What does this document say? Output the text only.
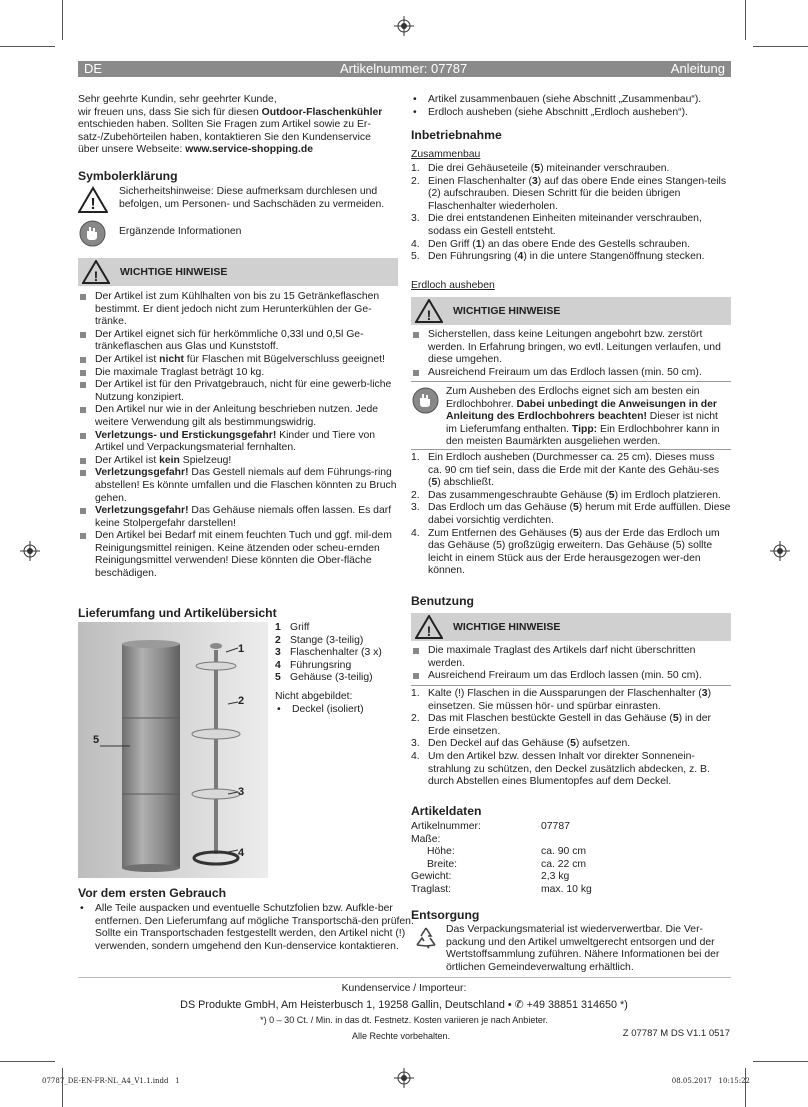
DE	Artikelnummer: 07787	Anleitung

Sehr geehrte Kundin, sehr geehrter Kunde,

wir freuen uns, dass Sie sich für diesen Outdoor-Flaschenkühler

entschieden haben. Sollten Sie Fragen zum Artikel sowie zu Er-

satz-/Zubehörteilen haben, kontaktieren Sie den Kundenservice

über unsere Webseite: www.service-shopping.de

Symbolerklärung
!

Sicherheitshinweise: Diese aufmerksam durchlesen und befolgen, um Personen- und Sachschäden zu vermeiden.

Ergänzende Informationen

! WICHTIGE HINWEISE
Der Artikel ist zum Kühlhalten von bis zu 15 Getränkeflaschen bestimmt. Er dient jedoch nicht zum Herunterkühlen der Ge-tränke.
Der Artikel eignet sich für herkömmliche 0,33l und 0,5l Ge-tränkeflaschen aus Glas und Kunststoff.
Der Artikel ist nicht für Flaschen mit Bügelverschluss geeignet!
Die maximale Traglast beträgt 10 kg.
Der Artikel ist für den Privatgebrauch, nicht für eine gewerb-liche Nutzung konzipiert.
Den Artikel nur wie in der Anleitung beschrieben nutzen. Jede weitere Verwendung gilt als bestimmungswidrig.
Verletzungs- und Erstickungsgefahr! Kinder und Tiere von Artikel und Verpackungsmaterial fernhalten.
Der Artikel ist kein Spielzeug!
Verletzungsgefahr! Das Gestell niemals auf dem Führungs-ring abstellen! Es könnte umfallen und die Flaschen könnten zu Bruch gehen.
Verletzungsgefahr! Das Gehäuse niemals offen lassen. Es darf keine Stolpergefahr darstellen!
Den Artikel bei Bedarf mit einem feuchten Tuch und ggf. mil-dem Reinigungsmittel reinigen. Keine ätzenden oder scheu-ernden Reinigungsmittel verwenden! Diese könnten die Ober-fläche beschädigen.
Lieferumfang und Artikelübersicht
1
2
3
4
5
1 Griff
2 Stange (3-teilig)
3 Flaschenhalter (3 x)
4 Führungsring
5 Gehäuse (3-teilig)
Nicht abgebildet:
• Deckel (isoliert)
Vor dem ersten Gebrauch
• Alle Teile auspacken und eventuelle Schutzfolien bzw. Aufkle-ber entfernen. Den Lieferumfang auf mögliche Transportschä-den prüfen. Sollte ein Transportschaden festgestellt werden, den Artikel nicht (!) verwenden, sondern umgehend den Kun-denservice kontaktieren.
• Artikel zusammenbauen (siehe Abschnitt „Zusammenbau“).
• Erdloch ausheben (siehe Abschnitt „Erdloch ausheben“).
Inbetriebnahme

Zusammenbau

1. Die drei Gehäuseteile (5) miteinander verschrauben.
2. Einen Flaschenhalter (3) auf das obere Ende eines Stangen-teils (2) aufschrauben. Diesen Schritt für die beiden übrigen Flaschenhalter wiederholen.
3. Die drei entstandenen Einheiten miteinander verschrauben, sodass ein Gestell entsteht.
4. Den Griff (1) an das obere Ende des Gestells schrauben.
5. Den Führungsring (4) in die untere Stangenöffnung stecken.

Erdloch ausheben

! WICHTIGE HINWEISE
Sicherstellen, dass keine Leitungen angebohrt bzw. zerstört werden. In Erfahrung bringen, wo evtl. Leitungen verlaufen, und diese umgehen.
Ausreichend Freiraum um das Erdloch lassen (min. 50 cm).

Zum Ausheben des Erdlochs eignet sich am besten ein Erdlochbohrer. Dabei unbedingt die Anweisungen in der Anleitung des Erdlochbohrers beachten! Dieser ist nicht im Lieferumfang enthalten. Tipp: Ein Erdlochbohrer kann in den meisten Baumärkten ausgeliehen werden.

1. Ein Erdloch ausheben (Durchmesser ca. 25 cm). Dieses muss ca. 90 cm tief sein, dass die Erde mit der Kante des Gehäu-ses (5) abschließt.
2. Das zusammengeschraubte Gehäuse (5) im Erdloch platzieren.
3. Das Erdloch um das Gehäuse (5) herum mit Erde auffüllen. Diese dabei vorsichtig verdichten.
4. Zum Entfernen des Gehäuses (5) aus der Erde das Erdloch um das Gehäuse (5) großzügig erweitern. Das Gehäuse (5) sollte leicht in einem Stück aus der Erde herausgezogen wer-den können.
Benutzung
! WICHTIGE HINWEISE
Die maximale Traglast des Artikels darf nicht überschritten werden.
Ausreichend Freiraum um das Erdloch lassen (min. 50 cm).
1. Kalte (!) Flaschen in die Aussparungen der Flaschenhalter (3) einsetzen. Sie müssen hör- und spürbar einrasten.
2. Das mit Flaschen bestückte Gestell in das Gehäuse (5) in der Erde einsetzen.
3. Den Deckel auf das Gehäuse (5) aufsetzen.
4. Um den Artikel bzw. dessen Inhalt vor direkter Sonnenein-strahlung zu schützen, den Deckel zusätzlich abdecken, z. B. durch Abstellen eines Blumentopfes auf dem Deckel.
Artikeldaten
Artikelnummer:	07787
Maße:	
Höhe:	ca. 90 cm
Breite:	ca. 22 cm
Gewicht:	2,3 kg
Traglast:	max. 10 kg
Entsorgung

Das Verpackungsmaterial ist wiederverwertbar. Die Ver-packung und den Artikel umweltgerecht entsorgen und der Wertstoffsammlung zuführen. Nähere Informationen bei der örtlichen Gemeindeverwaltung erhältlich.

Kundenservice / Importeur:
DS Produkte GmbH, Am Heisterbusch 1, 19258 Gallin, Deutschland • ✆ +49 38851 314650 *)
*) 0 – 30 Ct. / Min. in das dt. Festnetz. Kosten variieren je nach Anbieter.
Alle Rechte vorbehalten.	Z 07787 M DS V1.1 0517
07787_DE-EN-FR-NL_A4_V1.1.indd   1	08.05.2017   10:15:22
